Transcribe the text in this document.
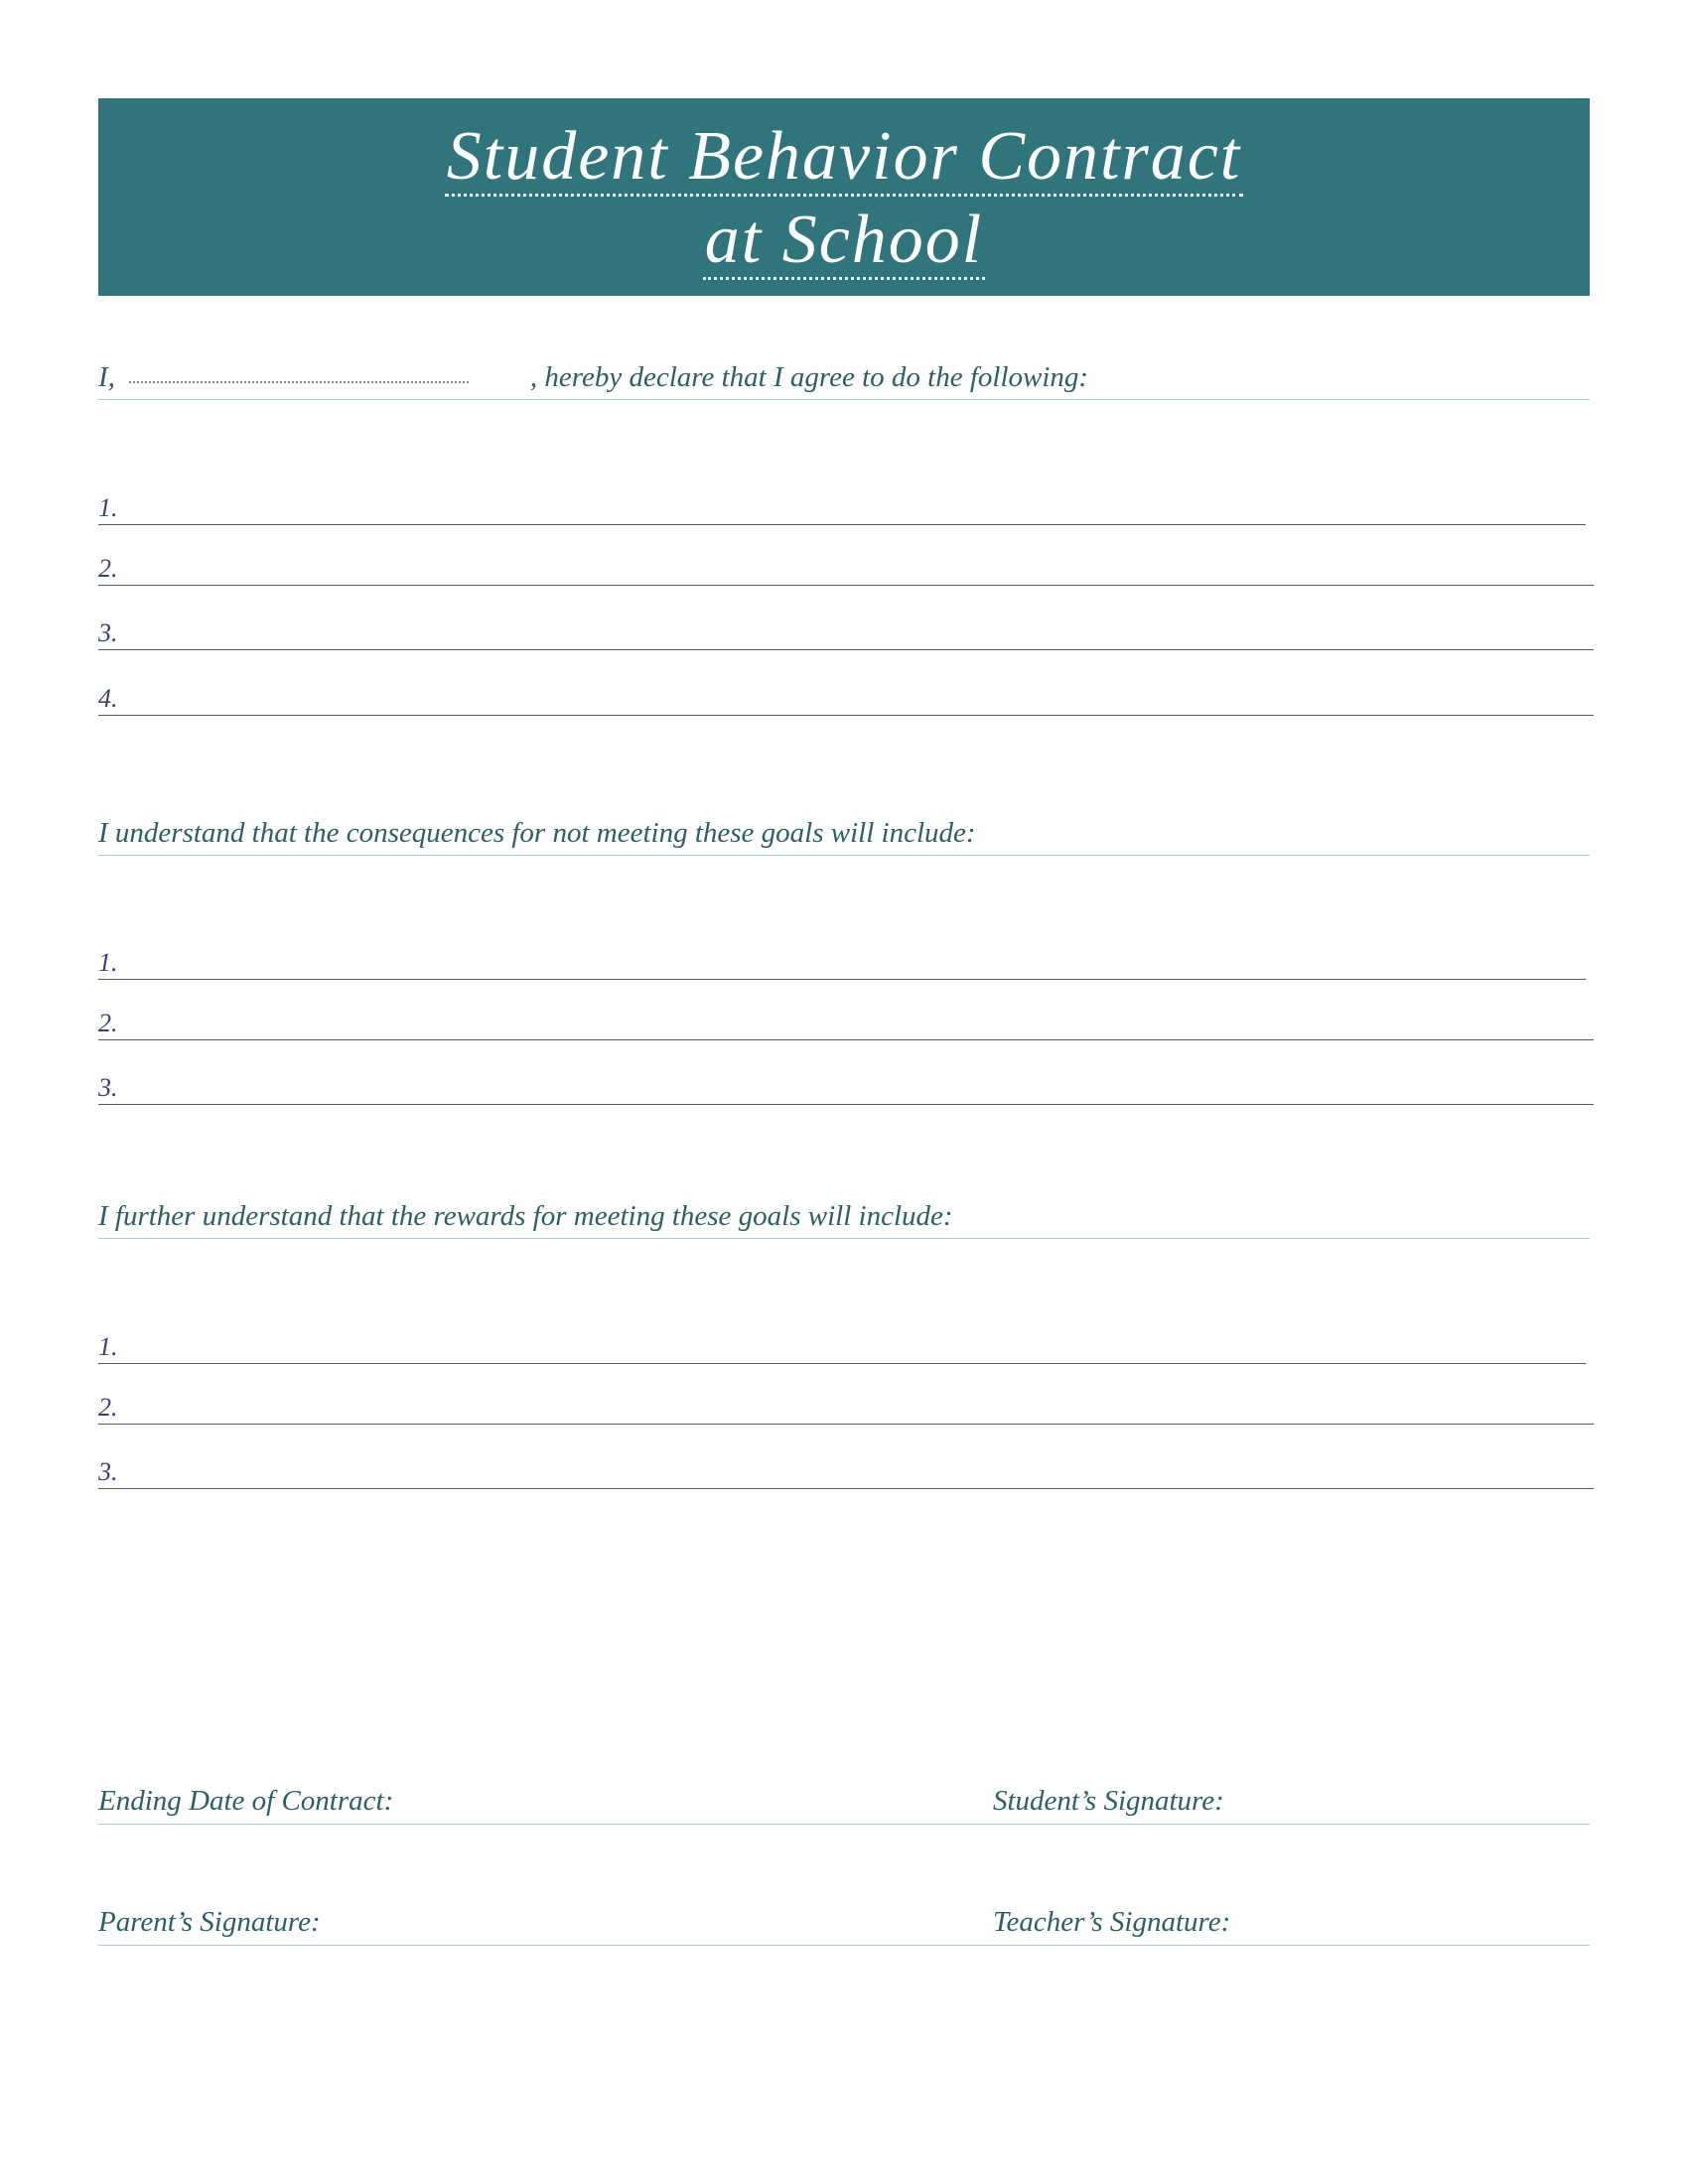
Student Behavior Contract
at School
I,	, hereby declare that I agree to do the following:
1.
2.
3.
4.
I understand that the consequences for not meeting these goals will include:
1.
2.
3.
I further understand that the rewards for meeting these goals will include:
1.
2.
3.
Ending Date of Contract:	Student’s Signature:
Parent’s Signature:	Teacher’s Signature:
